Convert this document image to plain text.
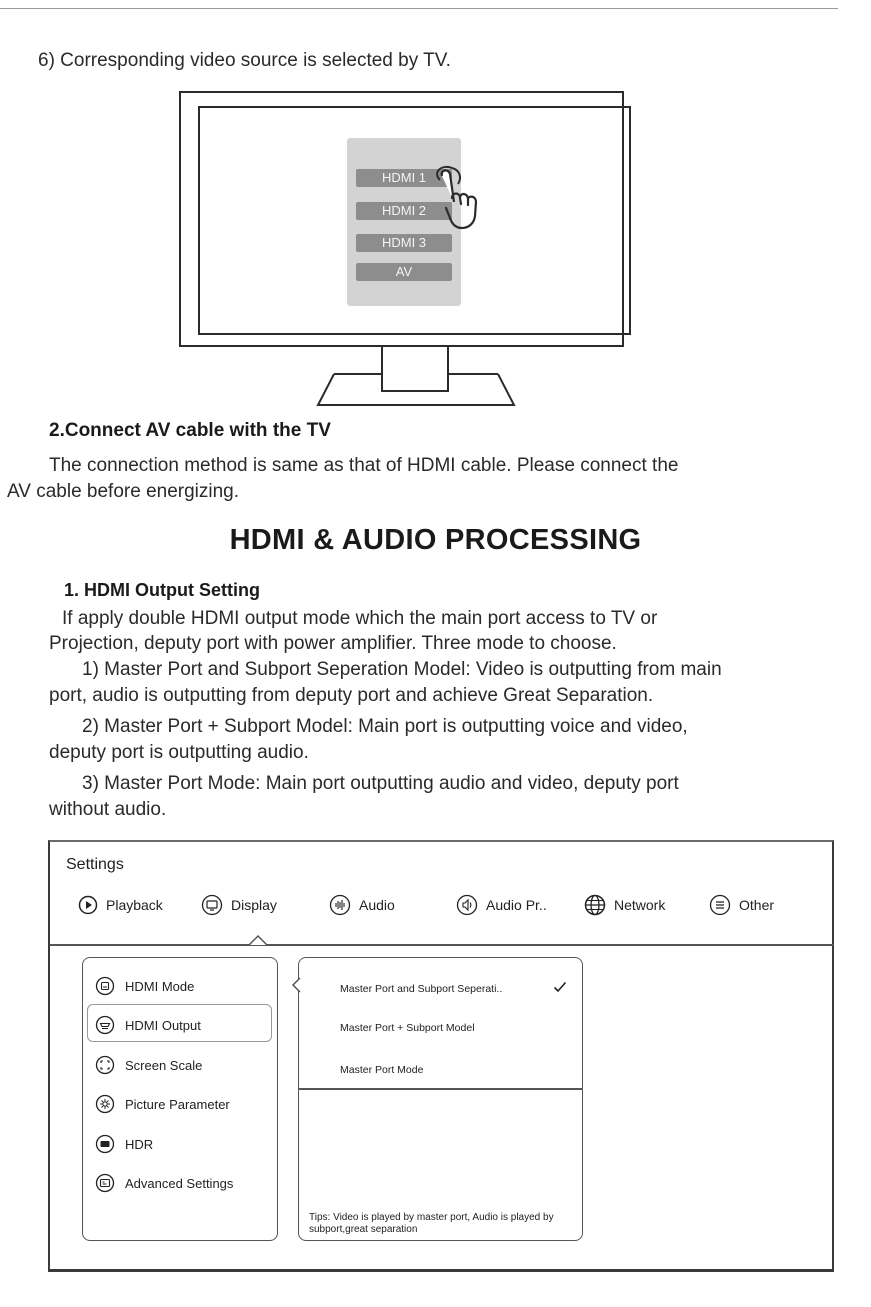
6) Corresponding video source is selected by TV.
HDMI 1
HDMI 2
HDMI 3
AV
2.Connect AV cable with the TV
The connection method is same as that of HDMI cable. Please connect the
AV cable before energizing.
HDMI & AUDIO PROCESSING
1. HDMI Output Setting
If apply double HDMI output mode which the main port access to TV or
Projection, deputy port with power amplifier. Three mode to choose.
1) Master Port and Subport Seperation Model: Video is outputting from main
port, audio is outputting from deputy port and achieve Great Separation.
2) Master Port + Subport Model: Main port is outputting voice and video,
deputy port is outputting audio.
3) Master Port Mode: Main port outputting audio and video, deputy port
without audio.
Settings
Playback	Display	Audio	Audio Pr..	Network	Other
HDMI Mode
HDMI Output
Screen Scale
Picture Parameter
HDR
Advanced Settings
Master Port and Subport Seperati..
Master Port + Subport Model
Master Port Mode
Tips: Video is played by master port, Audio is played by subport,great separation
